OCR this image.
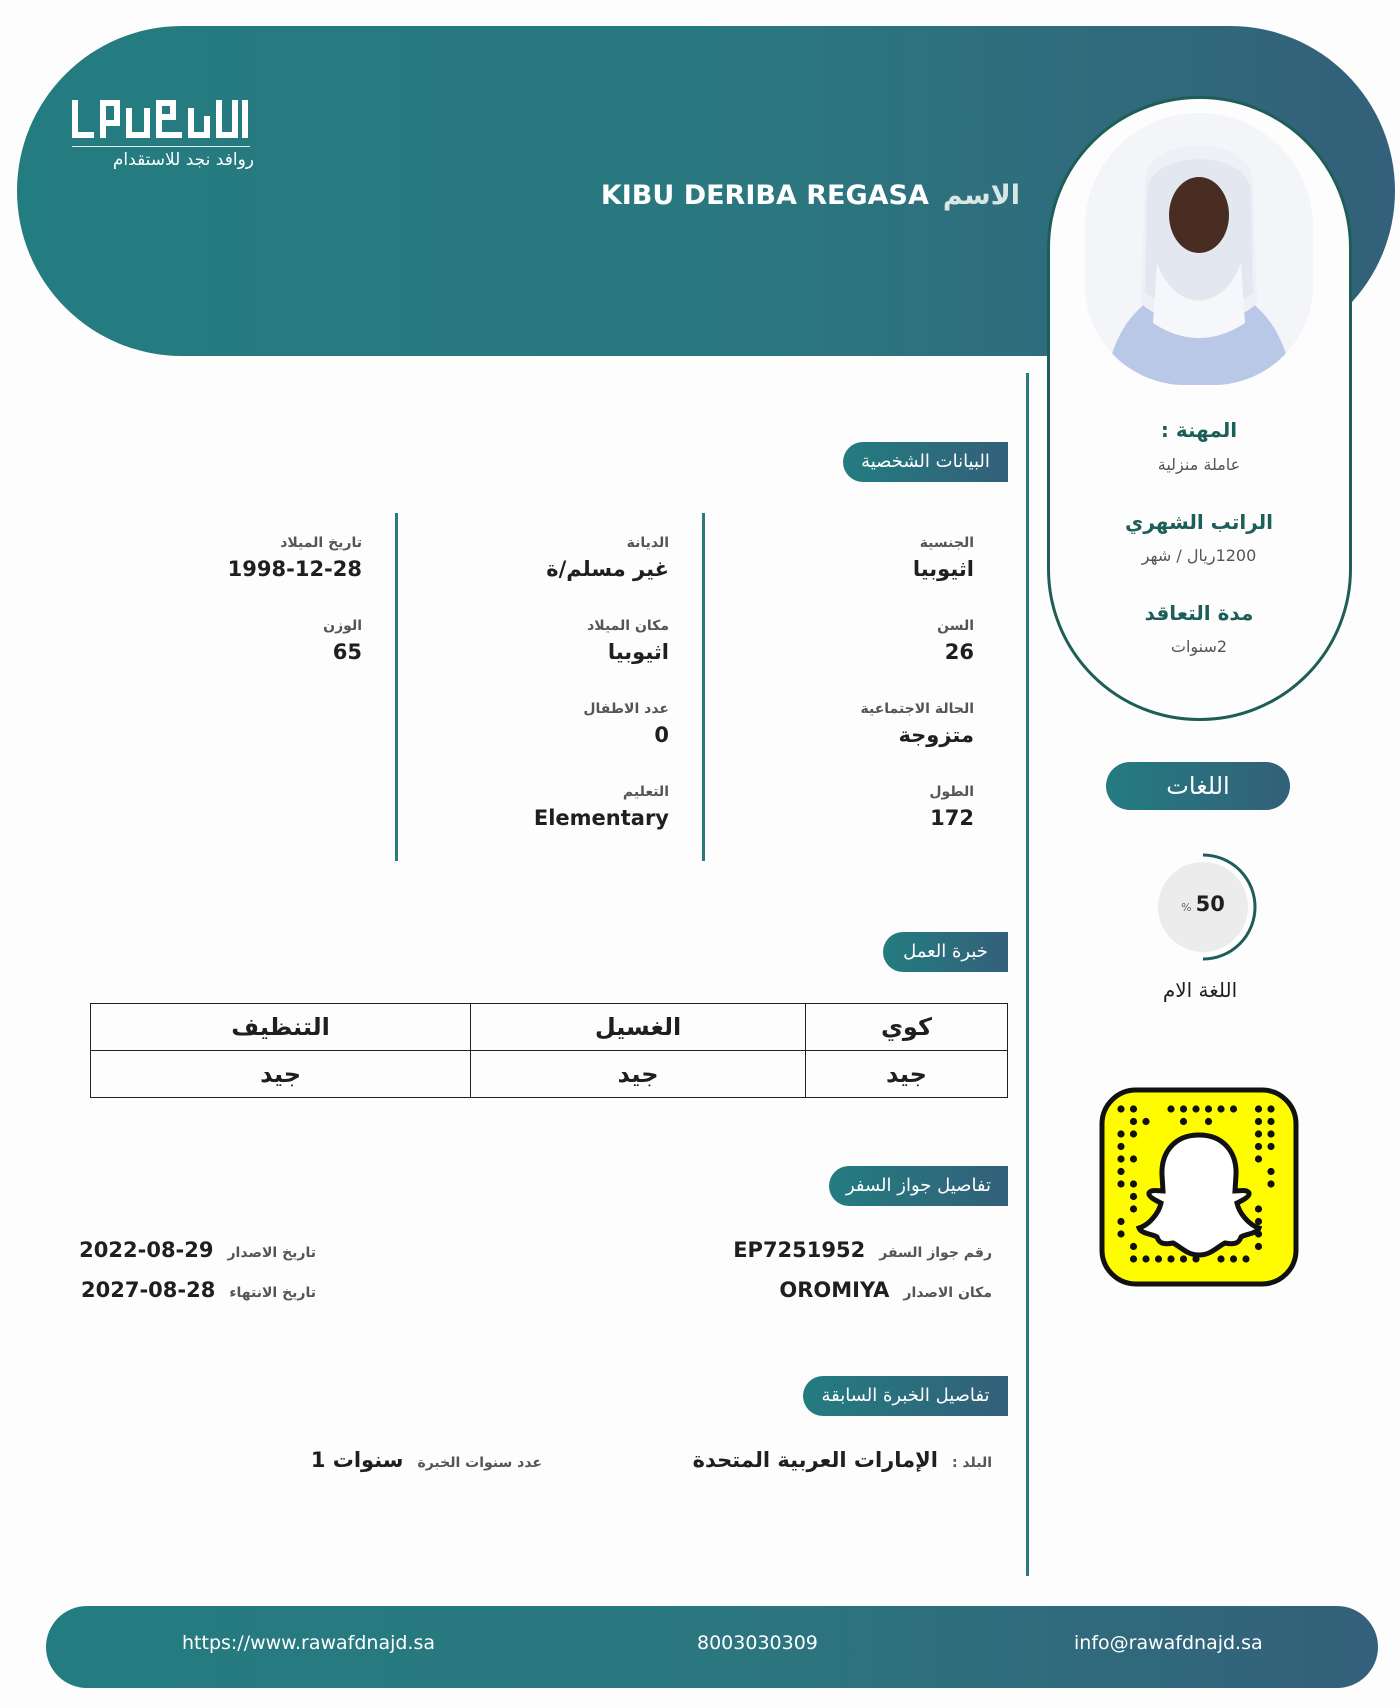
روافد نجد للاستقدام
الاسم
KIBU DERIBA REGASA
المهنة :
عاملة منزلية
الراتب الشهري
1200ريال / شهر
مدة التعاقد
2سنوات
البيانات الشخصية
الجنسية
اثيوبيا
السن
26
الحالة الاجتماعية
متزوجة
الطول
172
الديانة
غير مسلم/ة
مكان الميلاد
اثيوبيا
عدد الاطفال
0
التعليم
Elementary
تاريخ الميلاد
1998-12-28
الوزن
65
خبرة العمل
التنظيف	الغسيل	كوي
جيد	جيد	جيد
تفاصيل جواز السفر
رقم جواز السفر
EP7251952
مكان الاصدار
OROMIYA
تاريخ الاصدار
2022-08-29
تاريخ الانتهاء
2027-08-28
تفاصيل الخبرة السابقة
البلد :
الإمارات العربية المتحدة
عدد سنوات الخبرة
1 سنوات
اللغات
% 50
اللغة الام
https://www.rawafdnajd.sa	8003030309	info@rawafdnajd.sa
